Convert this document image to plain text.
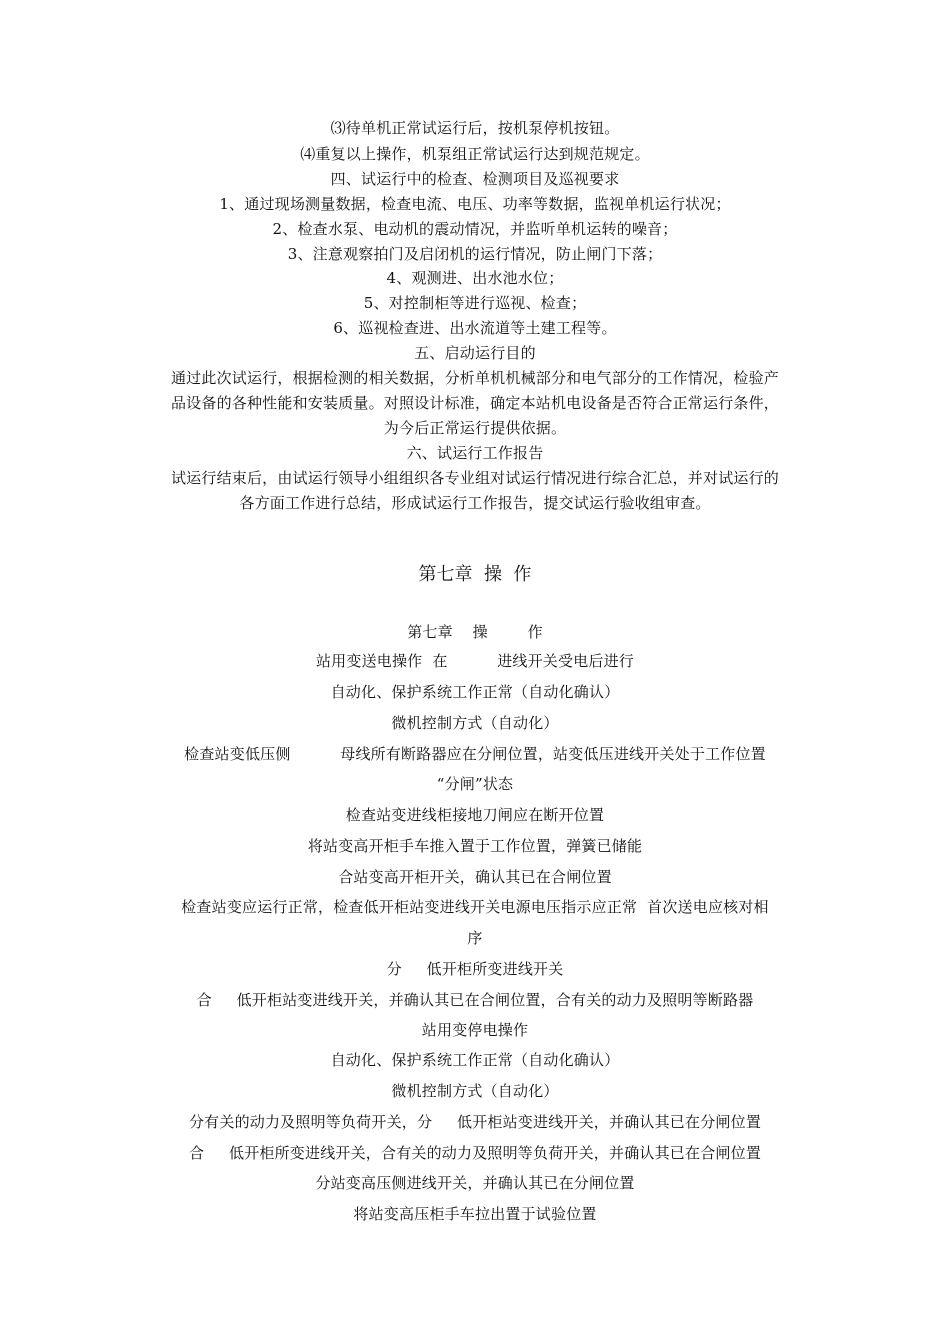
⑶待单机正常试运行后，按机泵停机按钮。
⑷重复以上操作，机泵组正常试运行达到规范规定。
四、试运行中的检查、检测项目及巡视要求
1、通过现场测量数据，检查电流、电压、功率等数据，监视单机运行状况；
2、检查水泵、电动机的震动情况，并监听单机运转的噪音；
3、注意观察拍门及启闭机的运行情况，防止闸门下落；
4、观测进、出水池水位；
5、对控制柜等进行巡视、检查；
6、巡视检查进、出水流道等土建工程等。
五、启动运行目的
通过此次试运行，根据检测的相关数据，分析单机机械部分和电气部分的工作情况，检验产
品设备的各种性能和安装质量。对照设计标准，确定本站机电设备是否符合正常运行条件，
为今后正常运行提供依据。
六、试运行工作报告
试运行结束后，由试运行领导小组组织各专业组对试运行情况进行综合汇总，并对试运行的
各方面工作进行总结，形成试运行工作报告，提交试运行验收组审查。
第七章  操  作
第七章    操        作
站用变送电操作  在          进线开关受电后进行
自动化、保护系统工作正常（自动化确认）
微机控制方式（自动化）
检查站变低压侧          母线所有断路器应在分闸位置，站变低压进线开关处于工作位置
“分闸”状态
检查站变进线柜接地刀闸应在断开位置
将站变高开柜手车推入置于工作位置，弹簧已储能
合站变高开柜开关，确认其已在合闸位置
检查站变应运行正常，检查低开柜站变进线开关电源电压指示应正常  首次送电应核对相
序
分     低开柜所变进线开关
合     低开柜站变进线开关，并确认其已在合闸位置，合有关的动力及照明等断路器
站用变停电操作
自动化、保护系统工作正常（自动化确认）
微机控制方式（自动化）
分有关的动力及照明等负荷开关，分     低开柜站变进线开关，并确认其已在分闸位置
合     低开柜所变进线开关，合有关的动力及照明等负荷开关，并确认其已在合闸位置
分站变高压侧进线开关，并确认其已在分闸位置
将站变高压柜手车拉出置于试验位置
